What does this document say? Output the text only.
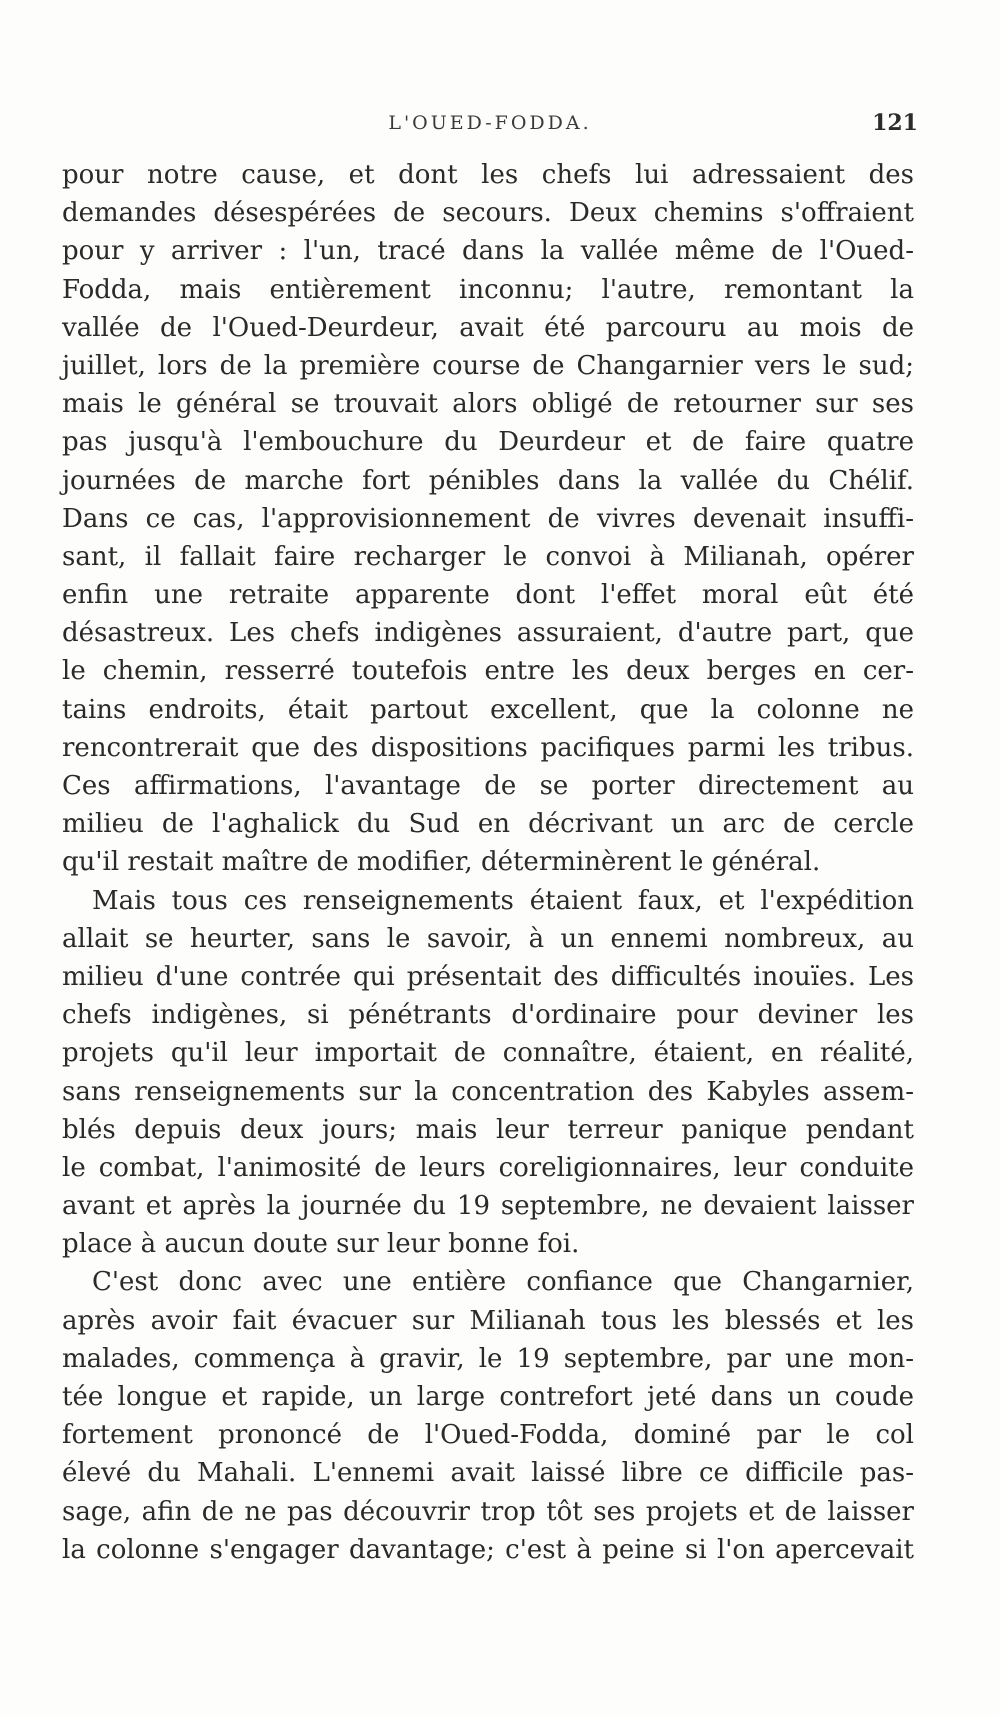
L'OUED-FODDA.	121
pour notre cause, et dont les chefs lui adressaient des
demandes désespérées de secours. Deux chemins s'offraient
pour y arriver : l'un, tracé dans la vallée même de l'Oued-
Fodda, mais entièrement inconnu; l'autre, remontant la
vallée de l'Oued-Deurdeur, avait été parcouru au mois de
juillet, lors de la première course de Changarnier vers le sud;
mais le général se trouvait alors obligé de retourner sur ses
pas jusqu'à l'embouchure du Deurdeur et de faire quatre
journées de marche fort pénibles dans la vallée du Chélif.
Dans ce cas, l'approvisionnement de vivres devenait insuffi-
sant, il fallait faire recharger le convoi à Milianah, opérer
enfin une retraite apparente dont l'effet moral eût été
désastreux. Les chefs indigènes assuraient, d'autre part, que
le chemin, resserré toutefois entre les deux berges en cer-
tains endroits, était partout excellent, que la colonne ne
rencontrerait que des dispositions pacifiques parmi les tribus.
Ces affirmations, l'avantage de se porter directement au
milieu de l'aghalick du Sud en décrivant un arc de cercle
qu'il restait maître de modifier, déterminèrent le général.
Mais tous ces renseignements étaient faux, et l'expédition
allait se heurter, sans le savoir, à un ennemi nombreux, au
milieu d'une contrée qui présentait des difficultés inouïes. Les
chefs indigènes, si pénétrants d'ordinaire pour deviner les
projets qu'il leur importait de connaître, étaient, en réalité,
sans renseignements sur la concentration des Kabyles assem-
blés depuis deux jours; mais leur terreur panique pendant
le combat, l'animosité de leurs coreligionnaires, leur conduite
avant et après la journée du 19 septembre, ne devaient laisser
place à aucun doute sur leur bonne foi.
C'est donc avec une entière confiance que Changarnier,
après avoir fait évacuer sur Milianah tous les blessés et les
malades, commença à gravir, le 19 septembre, par une mon-
tée longue et rapide, un large contrefort jeté dans un coude
fortement prononcé de l'Oued-Fodda, dominé par le col
élevé du Mahali. L'ennemi avait laissé libre ce difficile pas-
sage, afin de ne pas découvrir trop tôt ses projets et de laisser
la colonne s'engager davantage; c'est à peine si l'on apercevait
